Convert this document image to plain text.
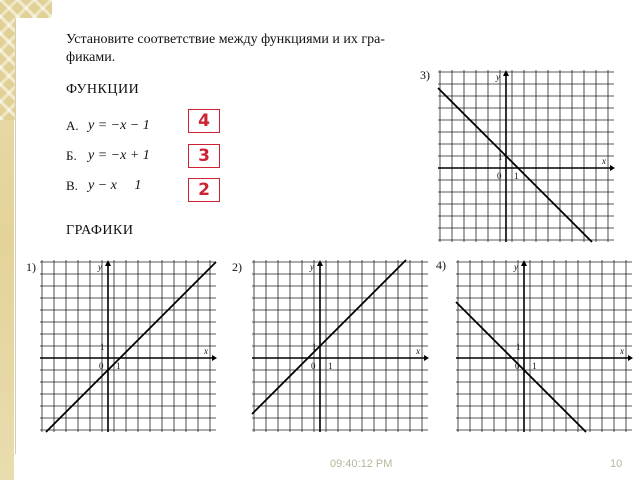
Установите соответствие между функциями и их гра-
фиками.
ФУНКЦИИ
А. y = −x − 1
Б. y = −x + 1
В. y − x     1
4
3
2
ГРАФИКИ
3)
x
y
0 1
1
1)
x
y
0 1
1
2)
x
y
0 1
1
4)
x
y
0 1
1
09:40:12 PM	10
